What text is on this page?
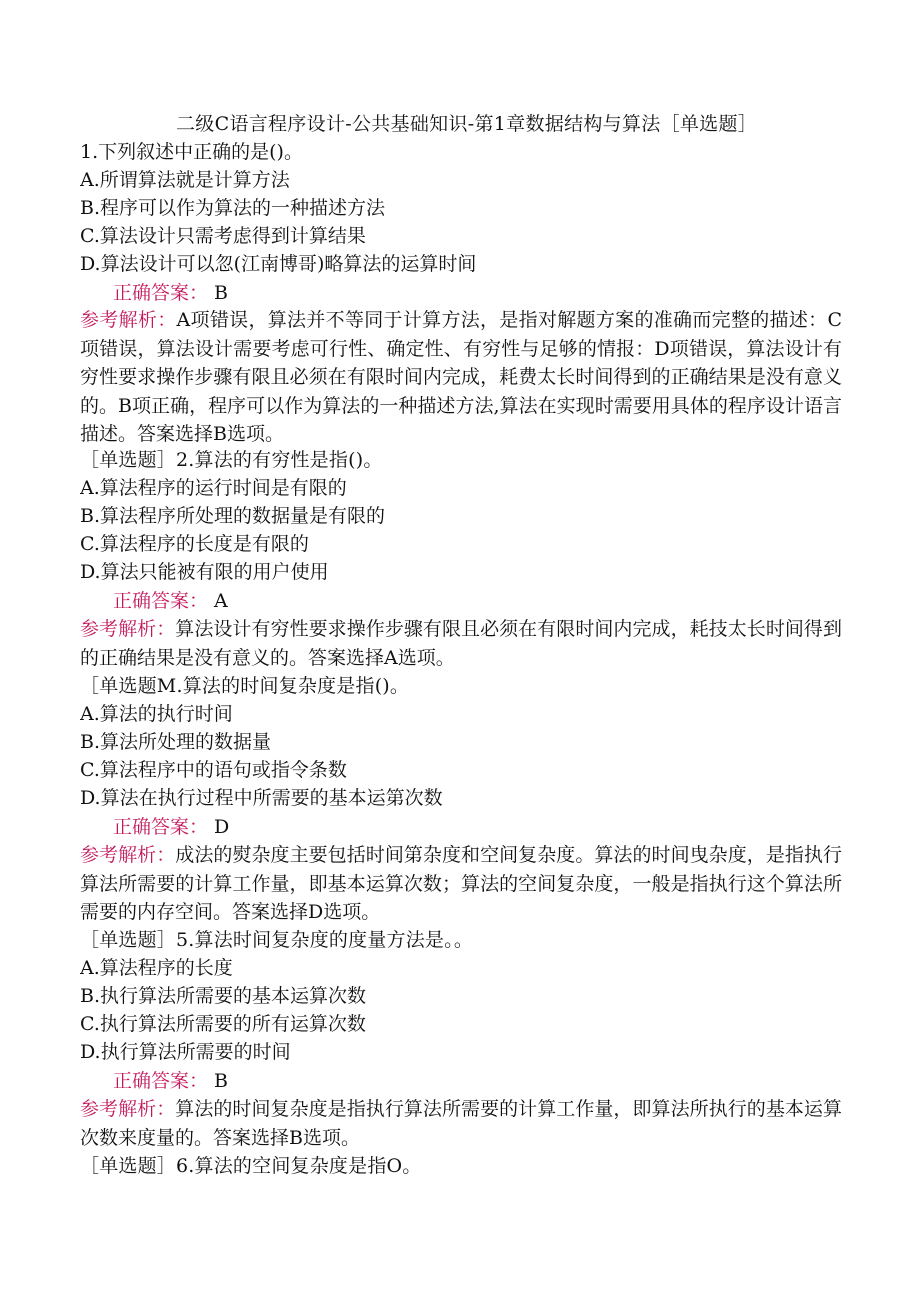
二级C语言程序设计-公共基础知识-第1章数据结构与算法［单选题］
1.下列叙述中正确的是()。
A.所谓算法就是计算方法
B.程序可以作为算法的一种描述方法
C.算法设计只需考虑得到计算结果
D.算法设计可以忽(江南博哥)略算法的运算时间
正确答案： B
参考解析：A项错误，算法并不等同于计算方法，是指对解题方案的准确而完整的描述：C项错误，算法设计需要考虑可行性、确定性、有穷性与足够的情报：D项错误，算法设计有穷性要求操作步骤有限且必须在有限时间内完成，耗费太长时间得到的正确结果是没有意义的。B项正确，程序可以作为算法的一种描述方法,算法在实现时需要用具体的程序设计语言描述。答案选择B选项。
［单选题］2.算法的有穷性是指()。
A.算法程序的运行时间是有限的
B.算法程序所处理的数据量是有限的
C.算法程序的长度是有限的
D.算法只能被有限的用户使用
正确答案： A
参考解析：算法设计有穷性要求操作步骤有限且必须在有限时间内完成，耗技太长时间得到的正确结果是没有意义的。答案选择A选项。
［单选题M.算法的时间复杂度是指()。
A.算法的执行时间
B.算法所处理的数据量
C.算法程序中的语句或指令条数
D.算法在执行过程中所需要的基本运第次数
正确答案： D
参考解析：成法的熨杂度主要包括时间第杂度和空间复杂度。算法的时间曳杂度，是指执行算法所需要的计算工作量，即基本运算次数；算法的空间复杂度，一般是指执行这个算法所需要的内存空间。答案选择D选项。
［单选题］5.算法时间复杂度的度量方法是。。
A.算法程序的长度
B.执行算法所需要的基本运算次数
C.执行算法所需要的所有运算次数
D.执行算法所需要的时间
正确答案： B
参考解析：算法的时间复杂度是指执行算法所需要的计算工作量，即算法所执行的基本运算次数来度量的。答案选择B选项。
［单选题］6.算法的空间复杂度是指O。
